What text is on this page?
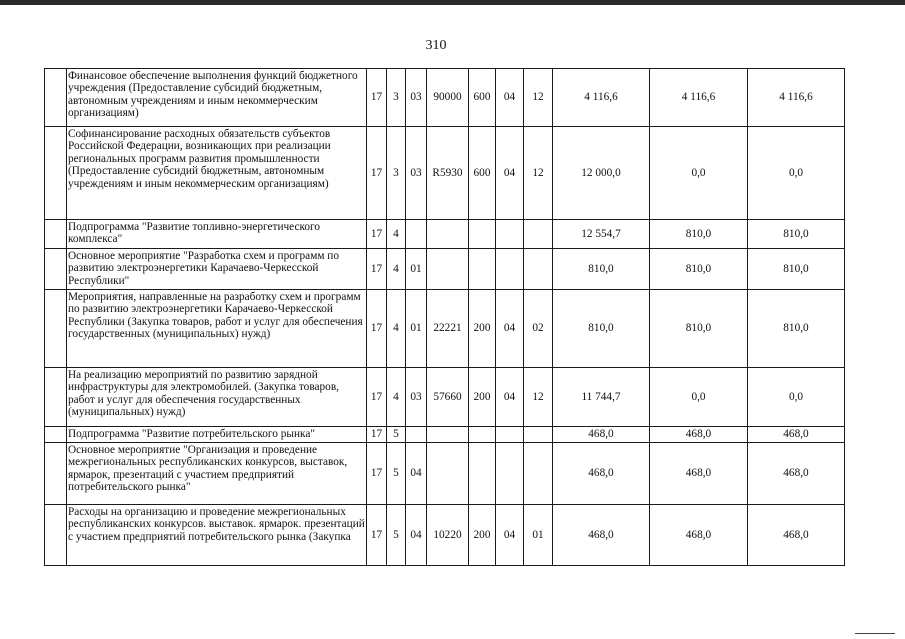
310
	Финансовое обеспечение выполнения функций бюджетного учреждения (Предоставление субсидий бюджетным, автономным учреждениям и иным некоммерческим организациям)	17	3	03	90000	600	04	12	4 116,6	4 116,6	4 116,6
	Софинансирование расходных обязательств субъектов Российской Федерации, возникающих при реализации региональных программ развития промышленности (Предоставление субсидий бюджетным, автономным учреждениям и иным некоммерческим организациям)	17	3	03	R5930	600	04	12	12 000,0	0,0	0,0
	Подпрограмма "Развитие топливно-энергетического комплекса"	17	4						12 554,7	810,0	810,0
	Основное мероприятие "Разработка схем и программ по развитию электроэнергетики Карачаево-Черкесской Республики"	17	4	01					810,0	810,0	810,0
	Мероприятия, направленные на разработку схем и программ по развитию электроэнергетики Карачаево-Черкесской Республики (Закупка товаров, работ и услуг для обеспечения государственных (муниципальных) нужд)	17	4	01	22221	200	04	02	810,0	810,0	810,0
	На реализацию мероприятий по развитию зарядной инфраструктуры для электромобилей. (Закупка товаров, работ и услуг для обеспечения государственных (муниципальных) нужд)	17	4	03	57660	200	04	12	11 744,7	0,0	0,0
	Подпрограмма "Развитие потребительского рынка"	17	5						468,0	468,0	468,0
	Основное мероприятие "Организация и проведение межрегиональных республиканских конкурсов, выставок, ярмарок, презентаций с участием предприятий потребительского рынка"	17	5	04					468,0	468,0	468,0
	Расходы на организацию и проведение межрегиональных республиканских конкурсов. выставок. ярмарок. презентаций с участием предприятий потребительского рынка (Закупка	17	5	04	10220	200	04	01	468,0	468,0	468,0
